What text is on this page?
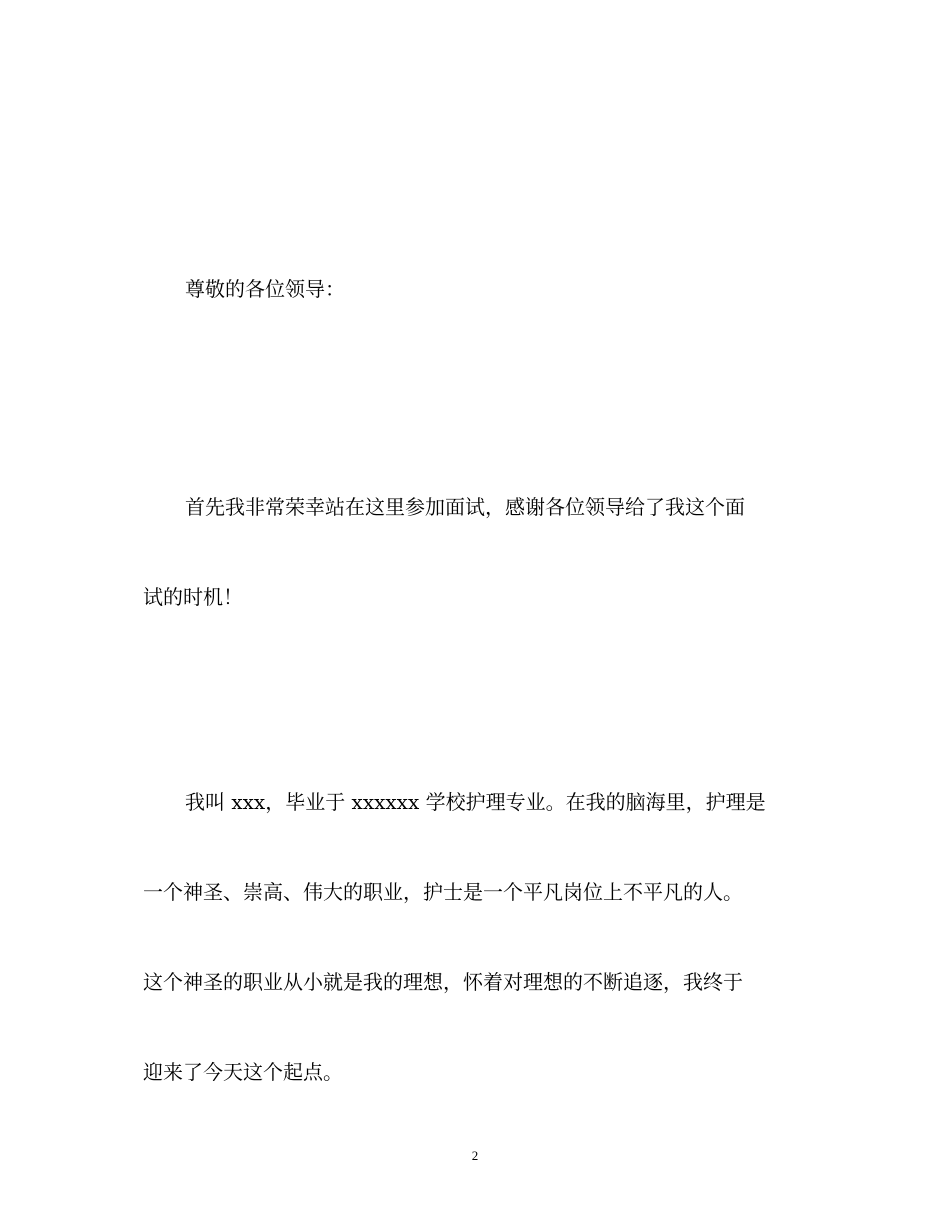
尊敬的各位领导：
首先我非常荣幸站在这里参加面试，感谢各位领导给了我这个面
试的时机！
我叫 xxx，毕业于 xxxxxx 学校护理专业。在我的脑海里，护理是
一个神圣、崇高、伟大的职业，护士是一个平凡岗位上不平凡的人。
这个神圣的职业从小就是我的理想，怀着对理想的不断追逐，我终于
迎来了今天这个起点。
2
